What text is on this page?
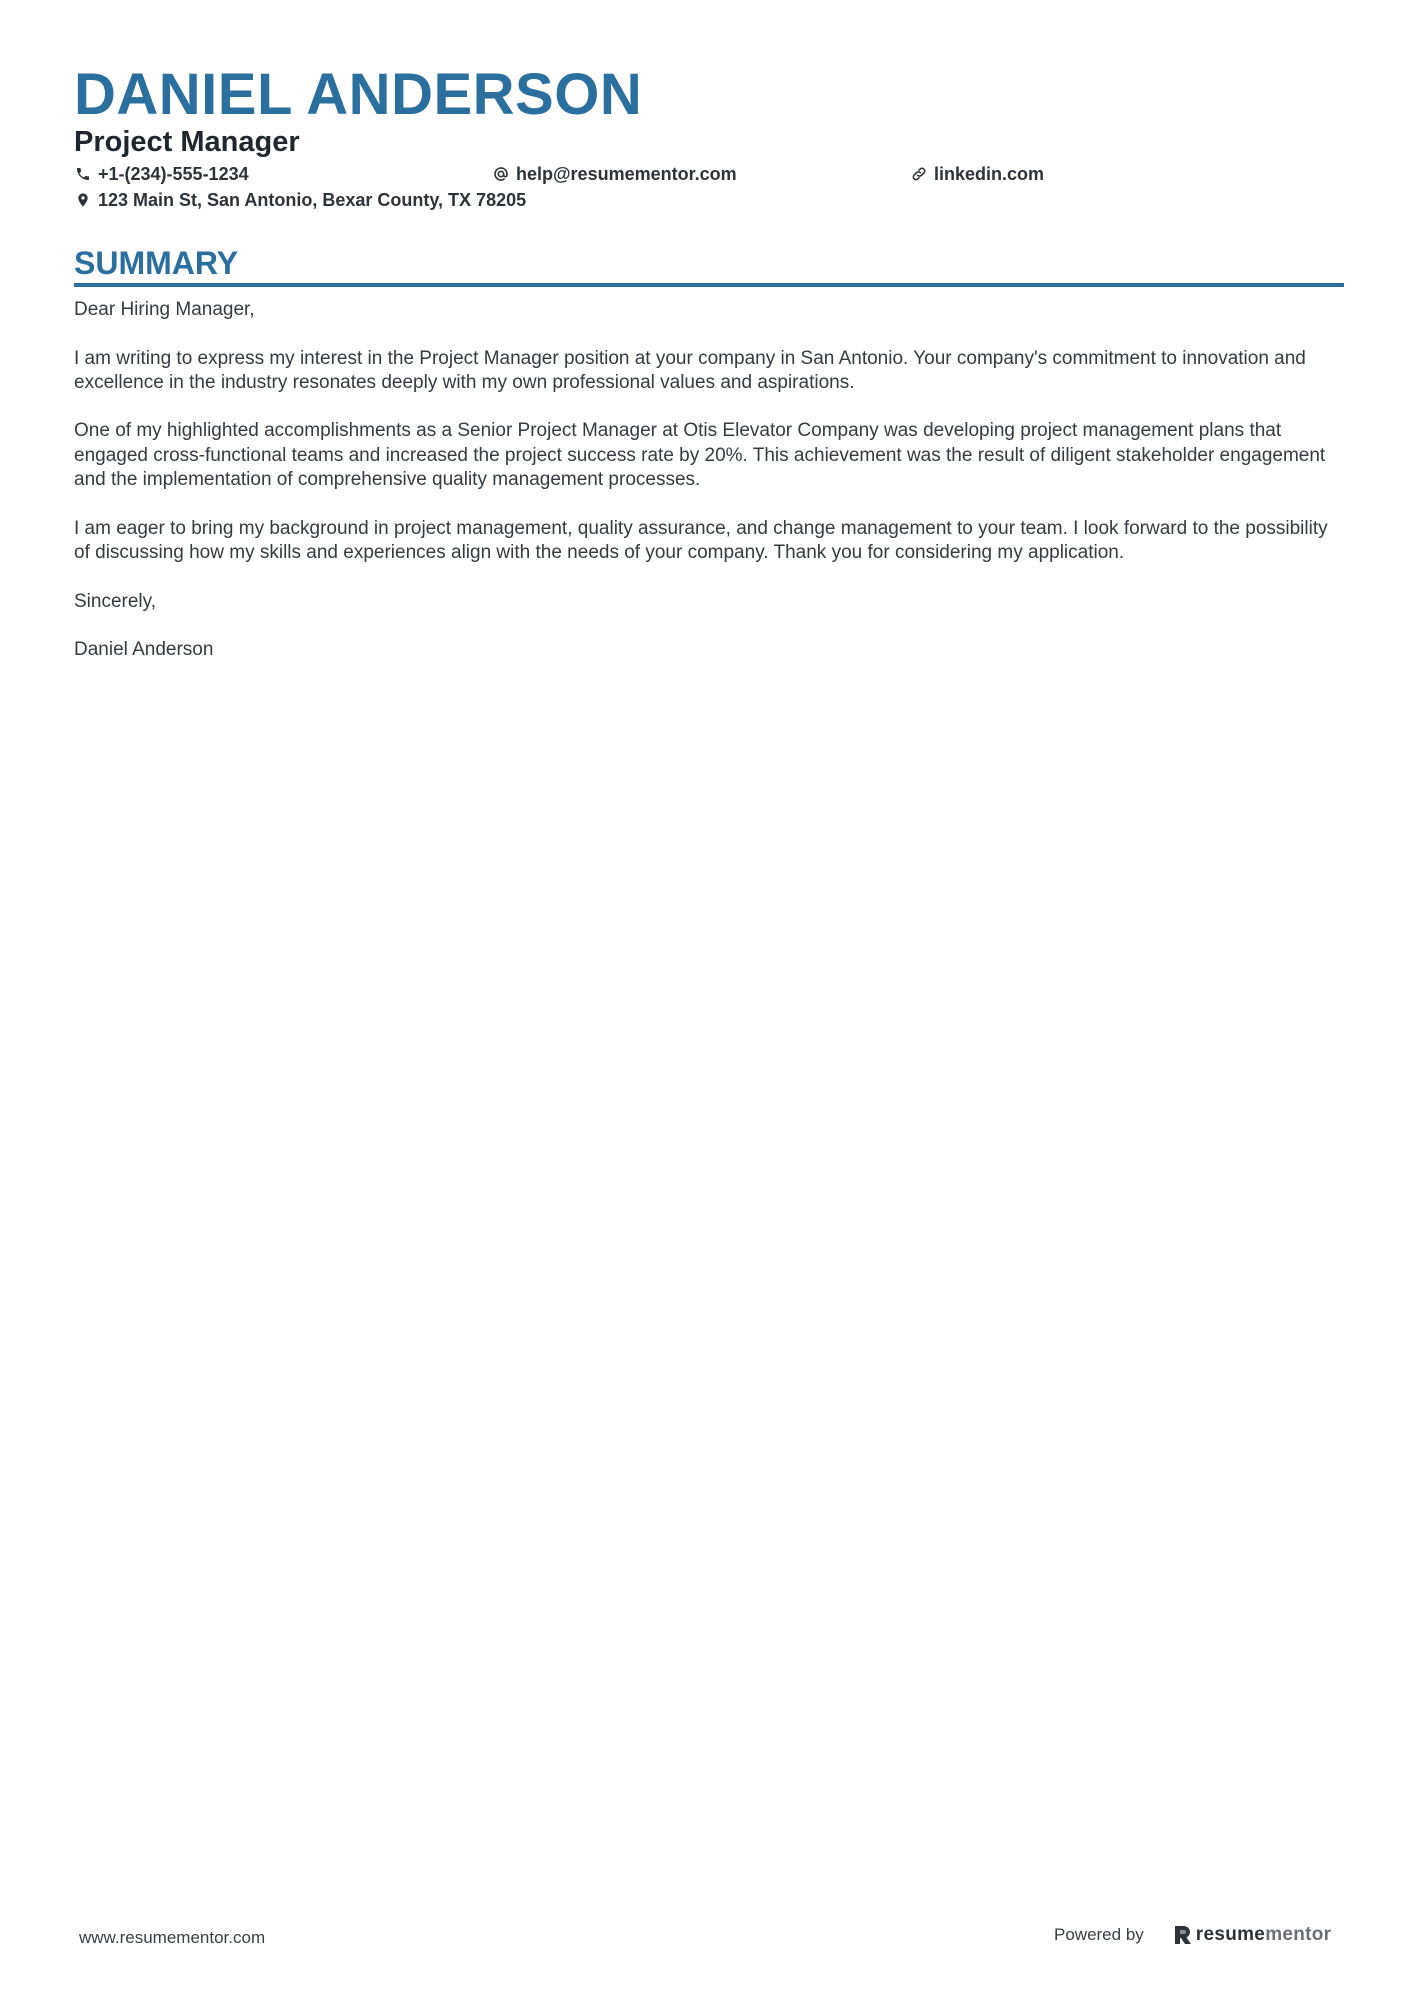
DANIEL ANDERSON
Project Manager
+1-(234)-555-1234	help@resumementor.com	linkedin.com
123 Main St, San Antonio, Bexar County, TX 78205
SUMMARY

Dear Hiring Manager,

I am writing to express my interest in the Project Manager position at your company in San Antonio. Your company's commitment to innovation and excellence in the industry resonates deeply with my own professional values and aspirations.

One of my highlighted accomplishments as a Senior Project Manager at Otis Elevator Company was developing project management plans that engaged cross-functional teams and increased the project success rate by 20%. This achievement was the result of diligent stakeholder engagement and the implementation of comprehensive quality management processes.

I am eager to bring my background in project management, quality assurance, and change management to your team. I look forward to the possibility of discussing how my skills and experiences align with the needs of your company. Thank you for considering my application.

Sincerely,

Daniel Anderson

www.resumementor.com	Powered by	resumementor
